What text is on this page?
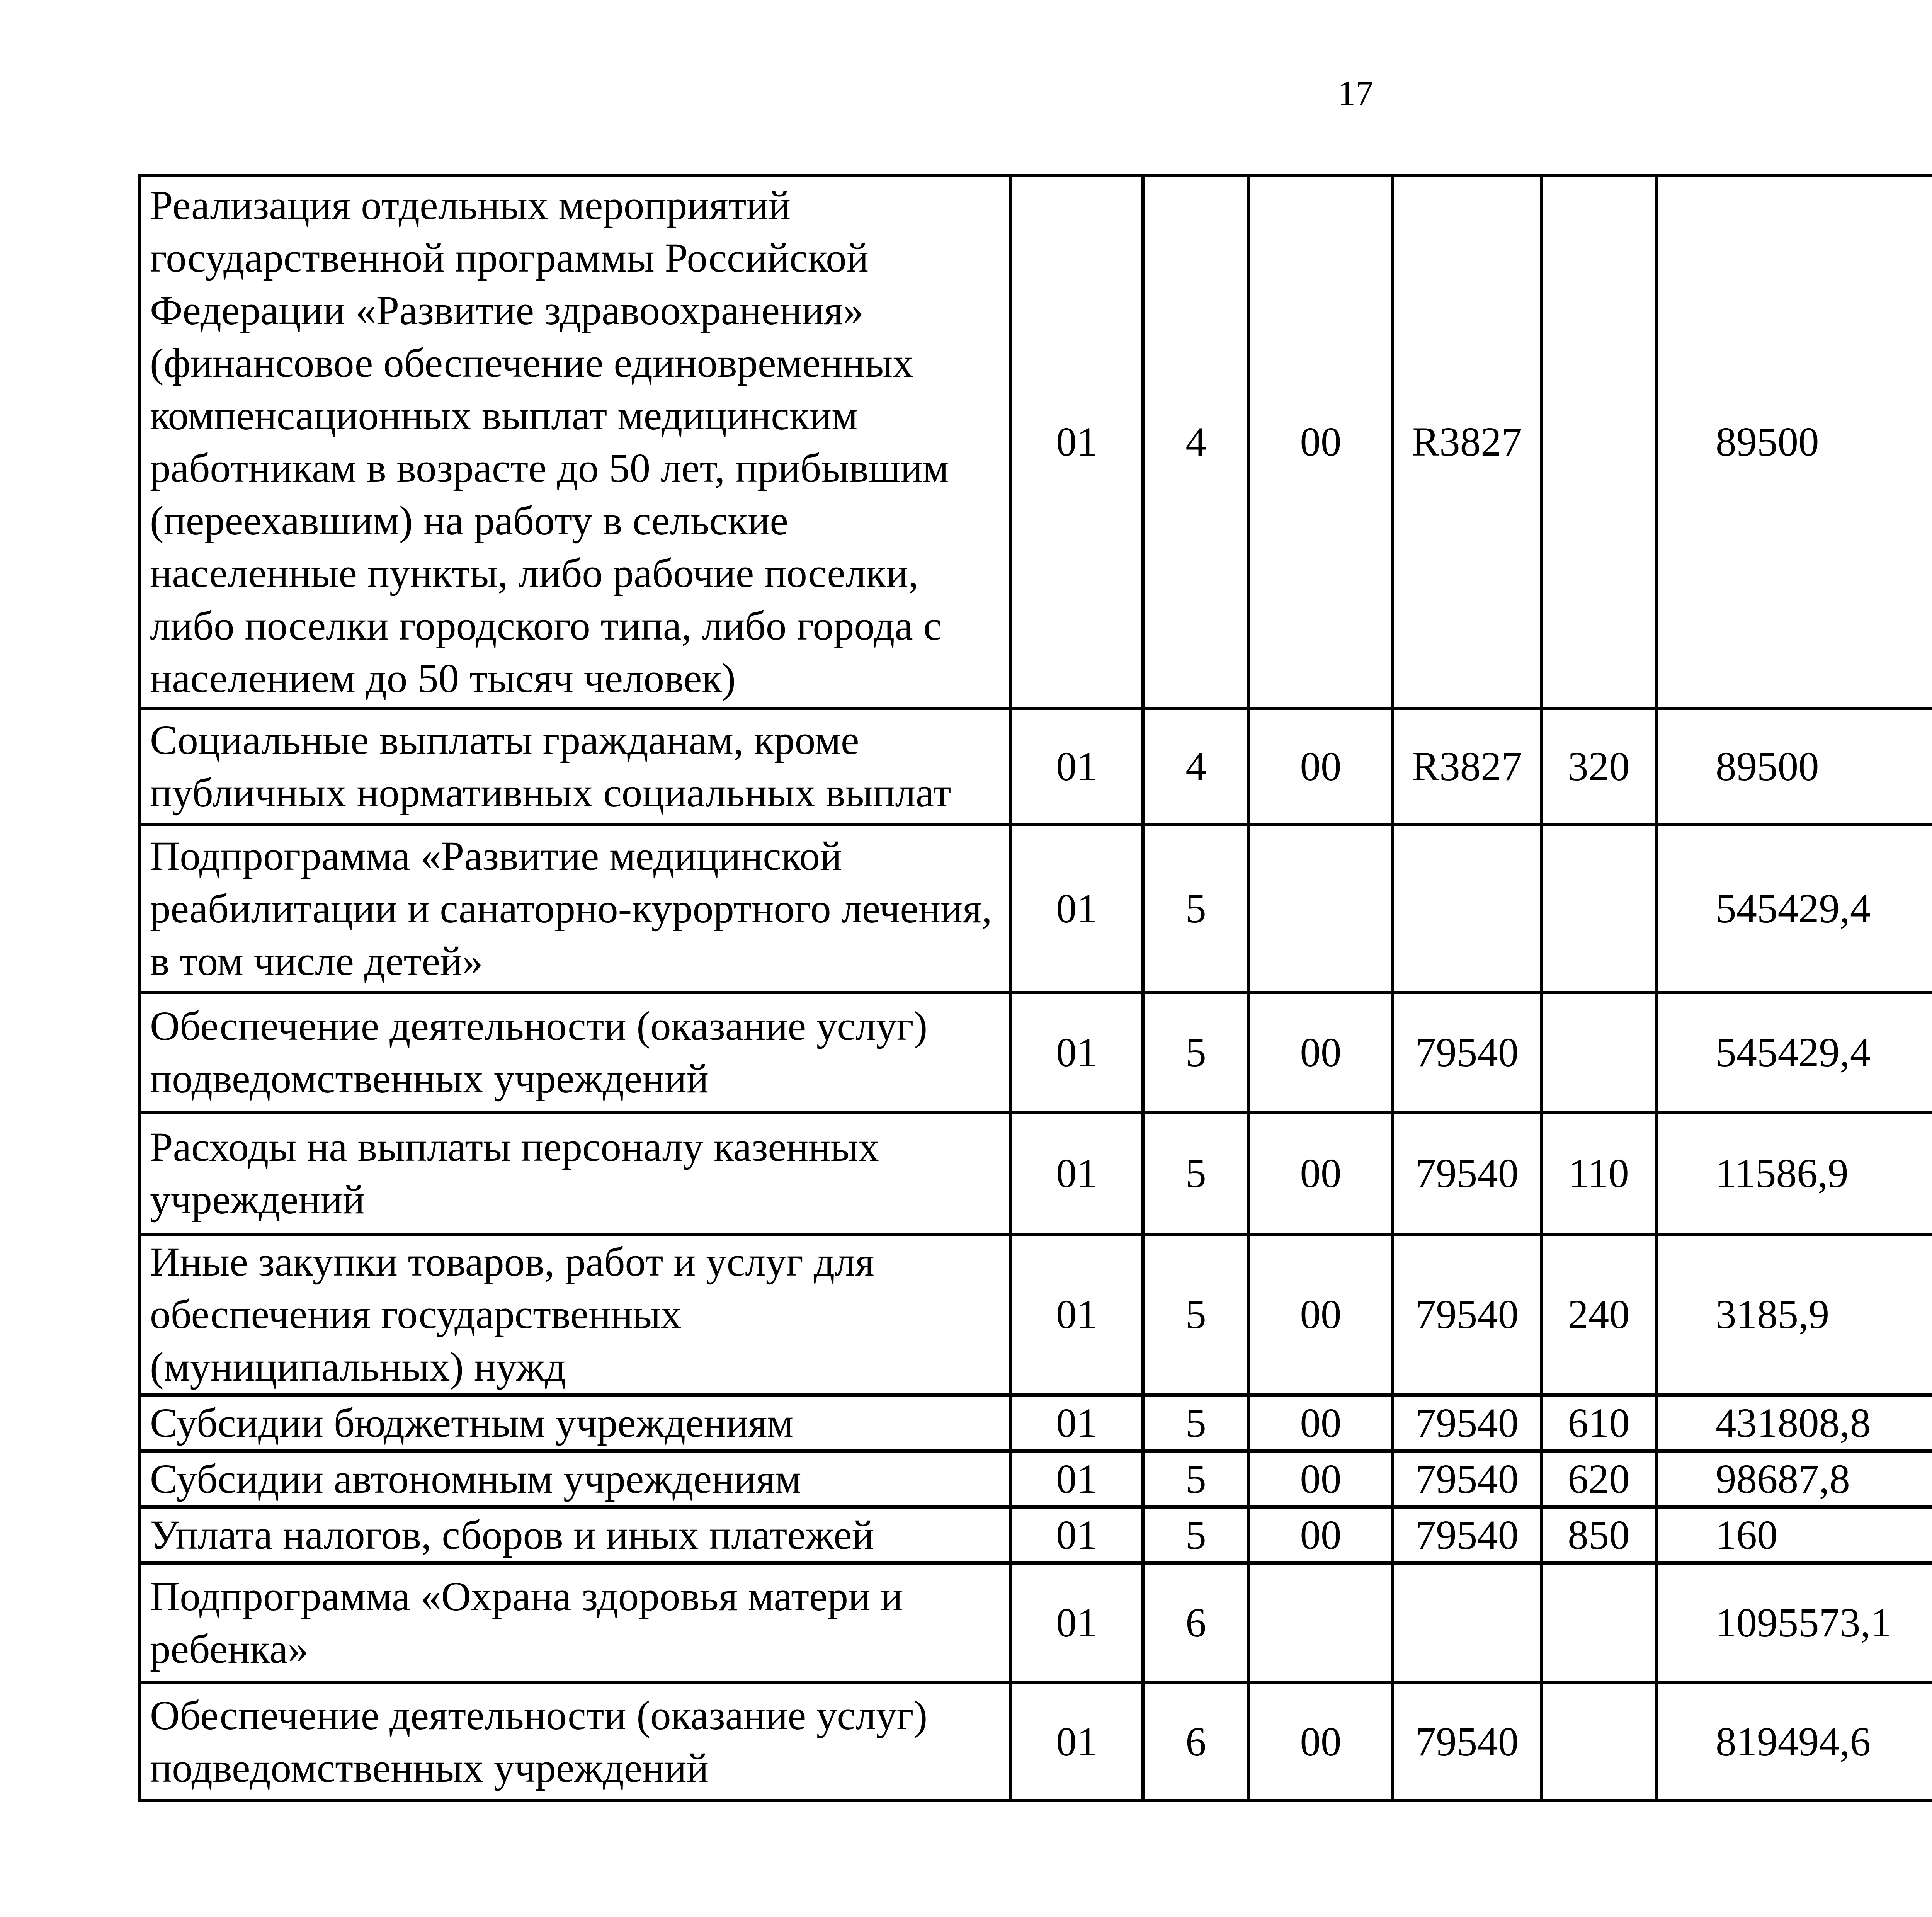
17
Реализация отдельных мероприятий государственной программы Российской Федерации «Развитие здравоохранения» (финансовое обеспечение единовременных компенсационных выплат медицинским работникам в возрасте до 50 лет, прибывшим (переехавшим) на работу в сельские населенные пункты, либо рабочие поселки, либо поселки городского типа, либо города с населением до 50 тысяч человек)	01	4	00	R3827		89500		
Социальные выплаты гражданам, кроме публичных нормативных социальных выплат	01	4	00	R3827	320	89500		
Подпрограмма «Развитие медицинской реабилитации и санаторно-курортного лечения, в том числе детей»	01	5				545429,4		
Обеспечение деятельности (оказание услуг) подведомственных учреждений	01	5	00	79540		545429,4		
Расходы на выплаты персоналу казенных учреждений	01	5	00	79540	110	11586,9		
Иные закупки товаров, работ и услуг для обеспечения государственных (муниципальных) нужд	01	5	00	79540	240	3185,9		
Субсидии бюджетным учреждениям	01	5	00	79540	610	431808,8		
Субсидии автономным учреждениям	01	5	00	79540	620	98687,8		
Уплата налогов, сборов и иных платежей	01	5	00	79540	850	160		
Подпрограмма «Охрана здоровья матери и ребенка»	01	6				1095573,1		
Обеспечение деятельности (оказание услуг) подведомственных учреждений	01	6	00	79540		819494,6		
